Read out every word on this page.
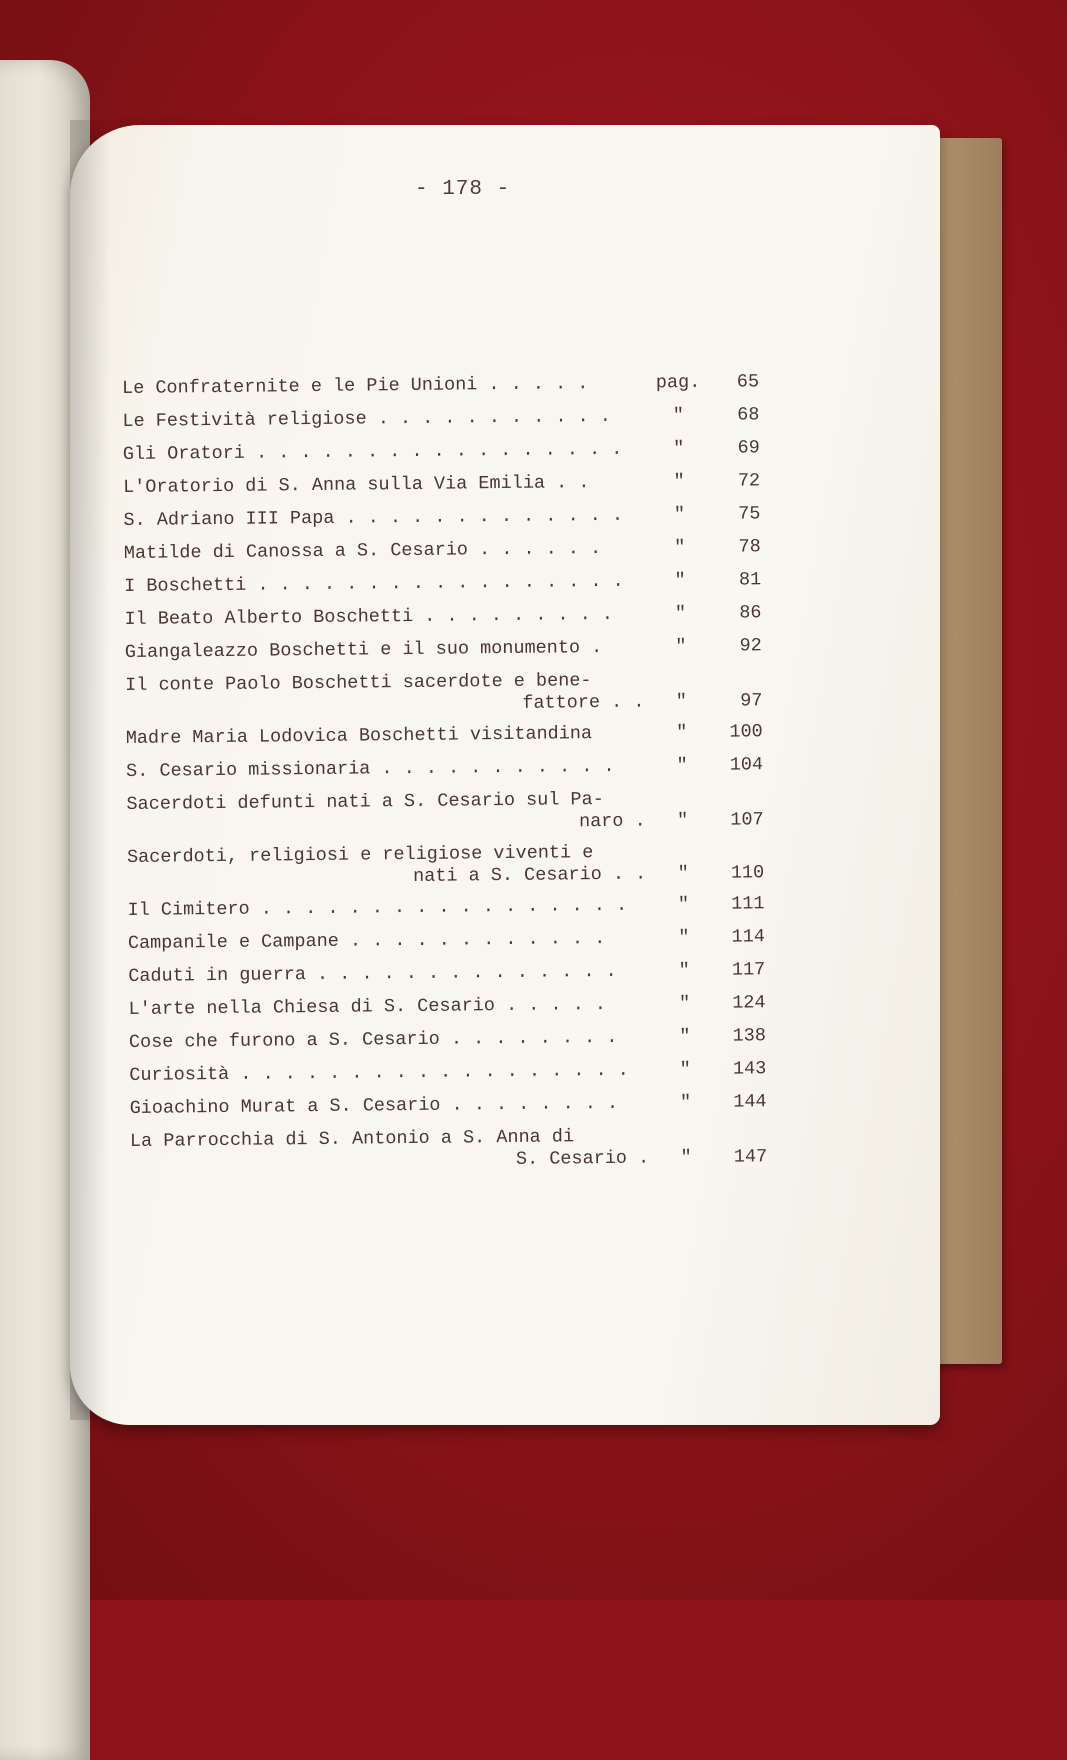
- 178 -
Le Confraternite e le Pie Unioni . . . . .	pag.	65
Le Festività religiose . . . . . . . . . . .	"	68
Gli Oratori . . . . . . . . . . . . . . . . .	"	69
L'Oratorio di S. Anna sulla Via Emilia . .	"	72
S. Adriano III Papa . . . . . . . . . . . . .	"	75
Matilde di Canossa a S. Cesario . . . . . .	"	78
I Boschetti . . . . . . . . . . . . . . . . .	"	81
Il Beato Alberto Boschetti . . . . . . . . .	"	86
Giangaleazzo Boschetti e il suo monumento .	"	92
Il conte Paolo Boschetti sacerdote e bene-
fattore . .	"	97
Madre Maria Lodovica Boschetti visitandina	"	100
S. Cesario missionaria . . . . . . . . . . .	"	104
Sacerdoti defunti nati a S. Cesario sul Pa-
naro .	"	107
Sacerdoti, religiosi e religiose viventi e
nati a S. Cesario . .	"	110
Il Cimitero . . . . . . . . . . . . . . . . .	"	111
Campanile e Campane . . . . . . . . . . . .	"	114
Caduti in guerra . . . . . . . . . . . . . .	"	117
L'arte nella Chiesa di S. Cesario . . . . .	"	124
Cose che furono a S. Cesario . . . . . . . .	"	138
Curiosità . . . . . . . . . . . . . . . . . .	"	143
Gioachino Murat a S. Cesario . . . . . . . .	"	144
La Parrocchia di S. Antonio a S. Anna di
S. Cesario .	"	147
